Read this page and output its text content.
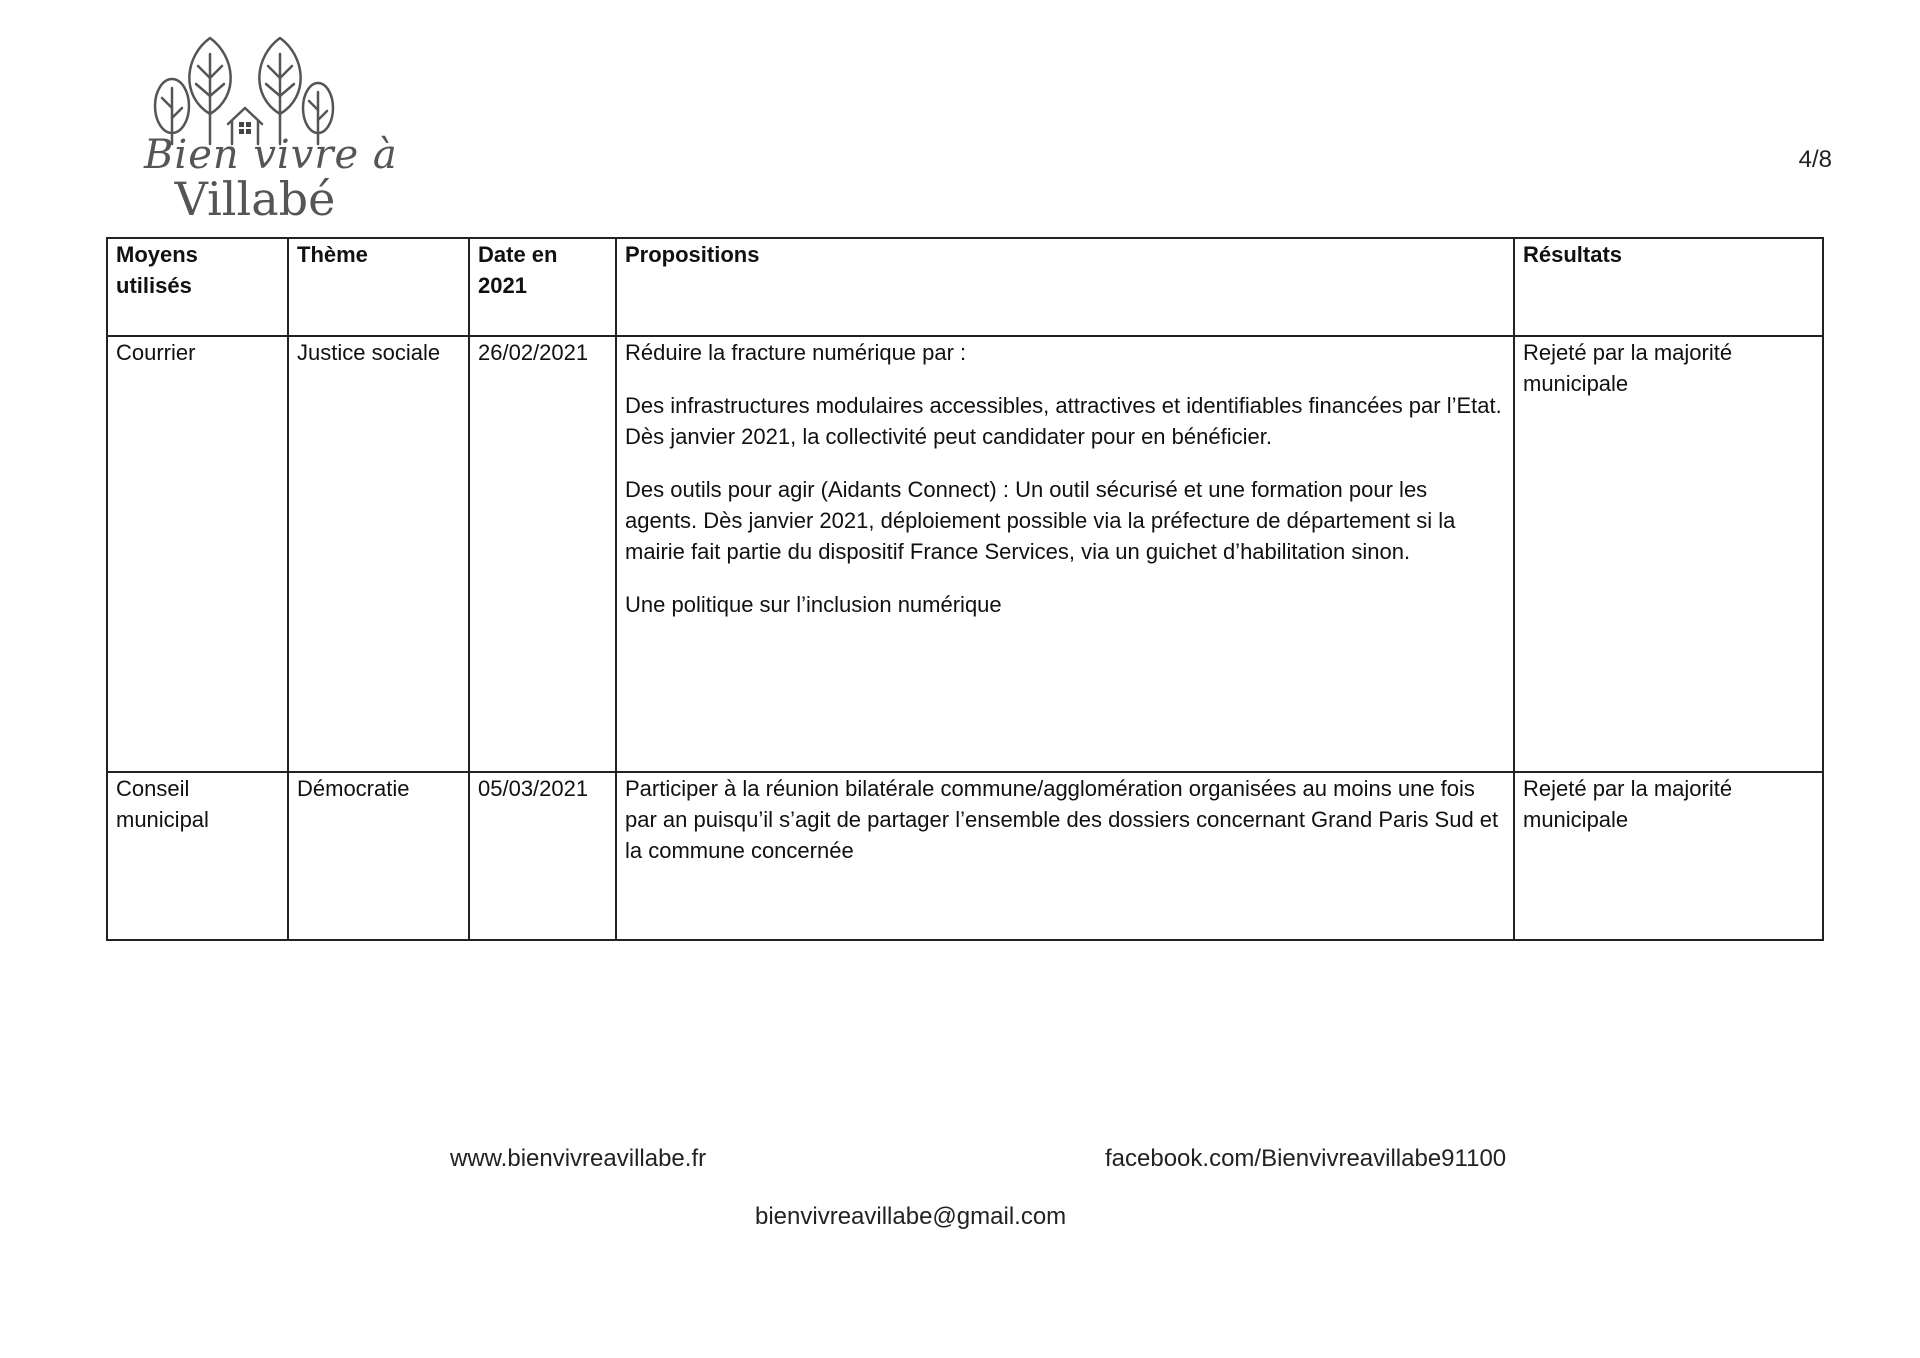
Bien vivre à
Villabé
4/8
Moyens utilisés	Thème	Date en 2021	Propositions	Résultats
Courrier	Justice sociale	26/02/2021	Réduire la fracture numérique par :

Des infrastructures modulaires accessibles, attractives et identifiables financées par l’Etat. Dès janvier 2021, la collectivité peut candidater pour en bénéficier.

Des outils pour agir (Aidants Connect) : Un outil sécurisé et une formation pour les agents. Dès janvier 2021, déploiement possible via la préfecture de département si la mairie fait partie du dispositif France Services, via un guichet d’habilitation sinon.

Une politique sur l’inclusion numérique	Rejeté par la majorité municipale
Conseil municipal	Démocratie	05/03/2021	Participer à la réunion bilatérale commune/agglomération organisées au moins une fois par an puisqu’il s’agit de partager l’ensemble des dossiers concernant Grand Paris Sud et la commune concernée	Rejeté par la majorité municipale
www.bienvivreavillabe.fr	facebook.com/Bienvivreavillabe91100
bienvivreavillabe@gmail.com
